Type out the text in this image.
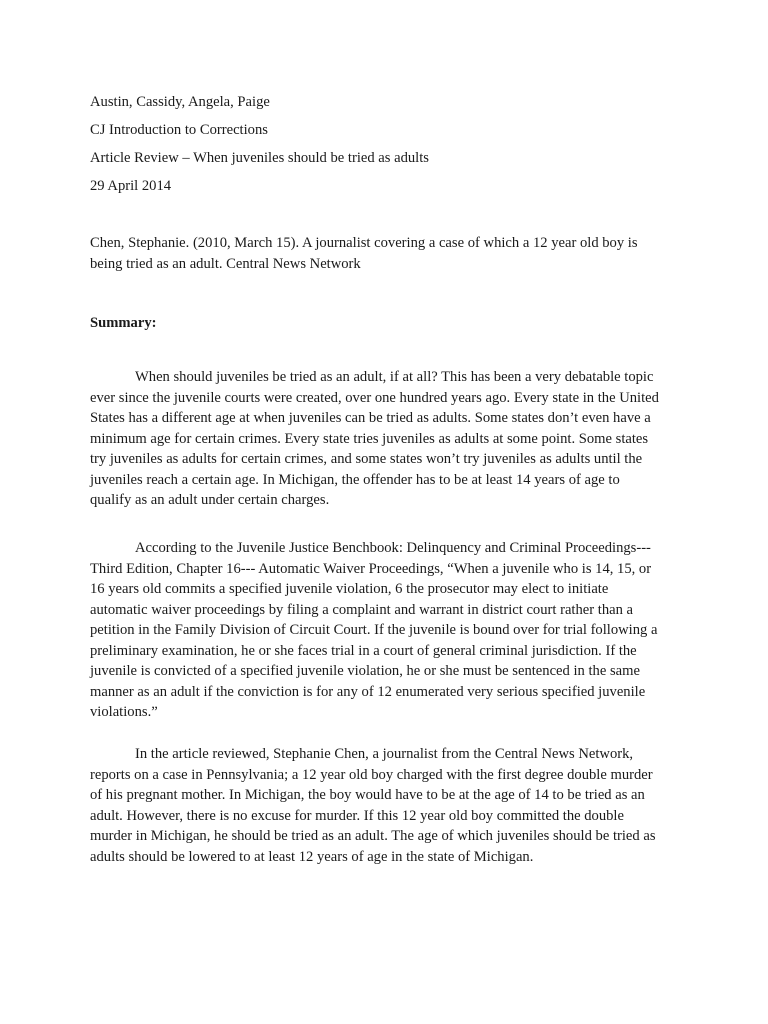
Austin, Cassidy, Angela, Paige
CJ Introduction to Corrections
Article Review – When juveniles should be tried as adults
29 April 2014
Chen, Stephanie. (2010, March 15). A journalist covering a case of which a 12 year old boy is
being tried as an adult. Central News Network
Summary:
When should juveniles be tried as an adult, if at all? This has been a very debatable topic
ever since the juvenile courts were created, over one hundred years ago. Every state in the United
States has a different age at when juveniles can be tried as adults. Some states don’t even have a
minimum age for certain crimes. Every state tries juveniles as adults at some point. Some states
try juveniles as adults for certain crimes, and some states won’t try juveniles as adults until the
juveniles reach a certain age. In Michigan, the offender has to be at least 14 years of age to
qualify as an adult under certain charges.
According to the Juvenile Justice Benchbook: Delinquency and Criminal Proceedings---
Third Edition, Chapter 16--- Automatic Waiver Proceedings, “When a juvenile who is 14, 15, or
16 years old commits a specified juvenile violation, 6 the prosecutor may elect to initiate
automatic waiver proceedings by filing a complaint and warrant in district court rather than a
petition in the Family Division of Circuit Court. If the juvenile is bound over for trial following a
preliminary examination, he or she faces trial in a court of general criminal jurisdiction. If the
juvenile is convicted of a specified juvenile violation, he or she must be sentenced in the same
manner as an adult if the conviction is for any of 12 enumerated very serious specified juvenile
violations.”
In the article reviewed, Stephanie Chen, a journalist from the Central News Network,
reports on a case in Pennsylvania; a 12 year old boy charged with the first degree double murder
of his pregnant mother. In Michigan, the boy would have to be at the age of 14 to be tried as an
adult. However, there is no excuse for murder. If this 12 year old boy committed the double
murder in Michigan, he should be tried as an adult. The age of which juveniles should be tried as
adults should be lowered to at least 12 years of age in the state of Michigan.
